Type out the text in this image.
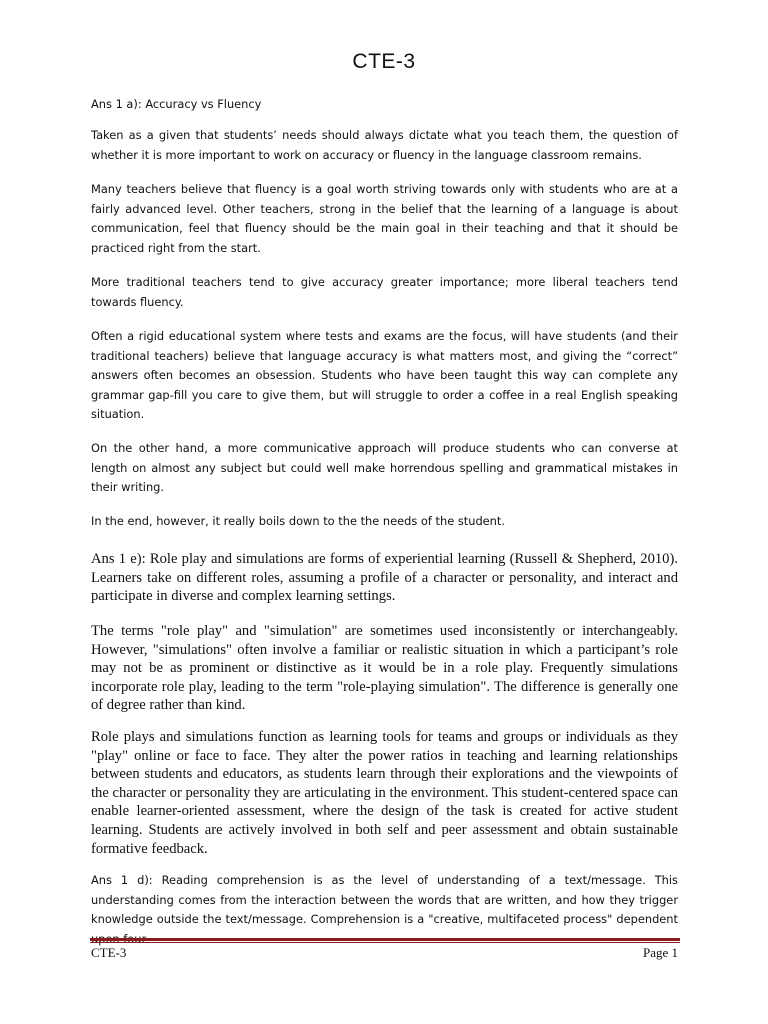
CTE-3

Ans 1 a): Accuracy vs Fluency

Taken as a given that students’ needs should always dictate what you teach them, the question of whether it is more important to work on accuracy or fluency in the language classroom remains.

Many teachers believe that fluency is a goal worth striving towards only with students who are at a fairly advanced level. Other teachers, strong in the belief that the learning of a language is about communication, feel that fluency should be the main goal in their teaching and that it should be practiced right from the start.

More traditional teachers tend to give accuracy greater importance; more liberal teachers tend towards fluency.

Often a rigid educational system where tests and exams are the focus, will have students (and their traditional teachers) believe that language accuracy is what matters most, and giving the “correct” answers often becomes an obsession. Students who have been taught this way can complete any grammar gap-fill you care to give them, but will struggle to order a coffee in a real English speaking situation.

On the other hand, a more communicative approach will produce students who can converse at length on almost any subject but could well make horrendous spelling and grammatical mistakes in their writing.

In the end, however, it really boils down to the the needs of the student.

Ans 1 e): Role play and simulations are forms of experiential learning (Russell & Shepherd, 2010). Learners take on different roles, assuming a profile of a character or personality, and interact and participate in diverse and complex learning settings.

The terms "role play" and "simulation" are sometimes used inconsistently or interchangeably. However, "simulations" often involve a familiar or realistic situation in which a participant’s role may not be as prominent or distinctive as it would be in a role play. Frequently simulations incorporate role play, leading to the term "role-playing simulation". The difference is generally one of degree rather than kind.

Role plays and simulations function as learning tools for teams and groups or individuals as they "play" online or face to face. They alter the power ratios in teaching and learning relationships between students and educators, as students learn through their explorations and the viewpoints of the character or personality they are articulating in the environment. This student-centered space can enable learner-oriented assessment, where the design of the task is created for active student learning. Students are actively involved in both self and peer assessment and obtain sustainable formative feedback.

Ans 1 d): Reading comprehension is as the level of understanding of a text/message. This understanding comes from the interaction between the words that are written, and how they trigger knowledge outside the text/message. Comprehension is a "creative, multifaceted process" dependent

CTE-3	Page 1
